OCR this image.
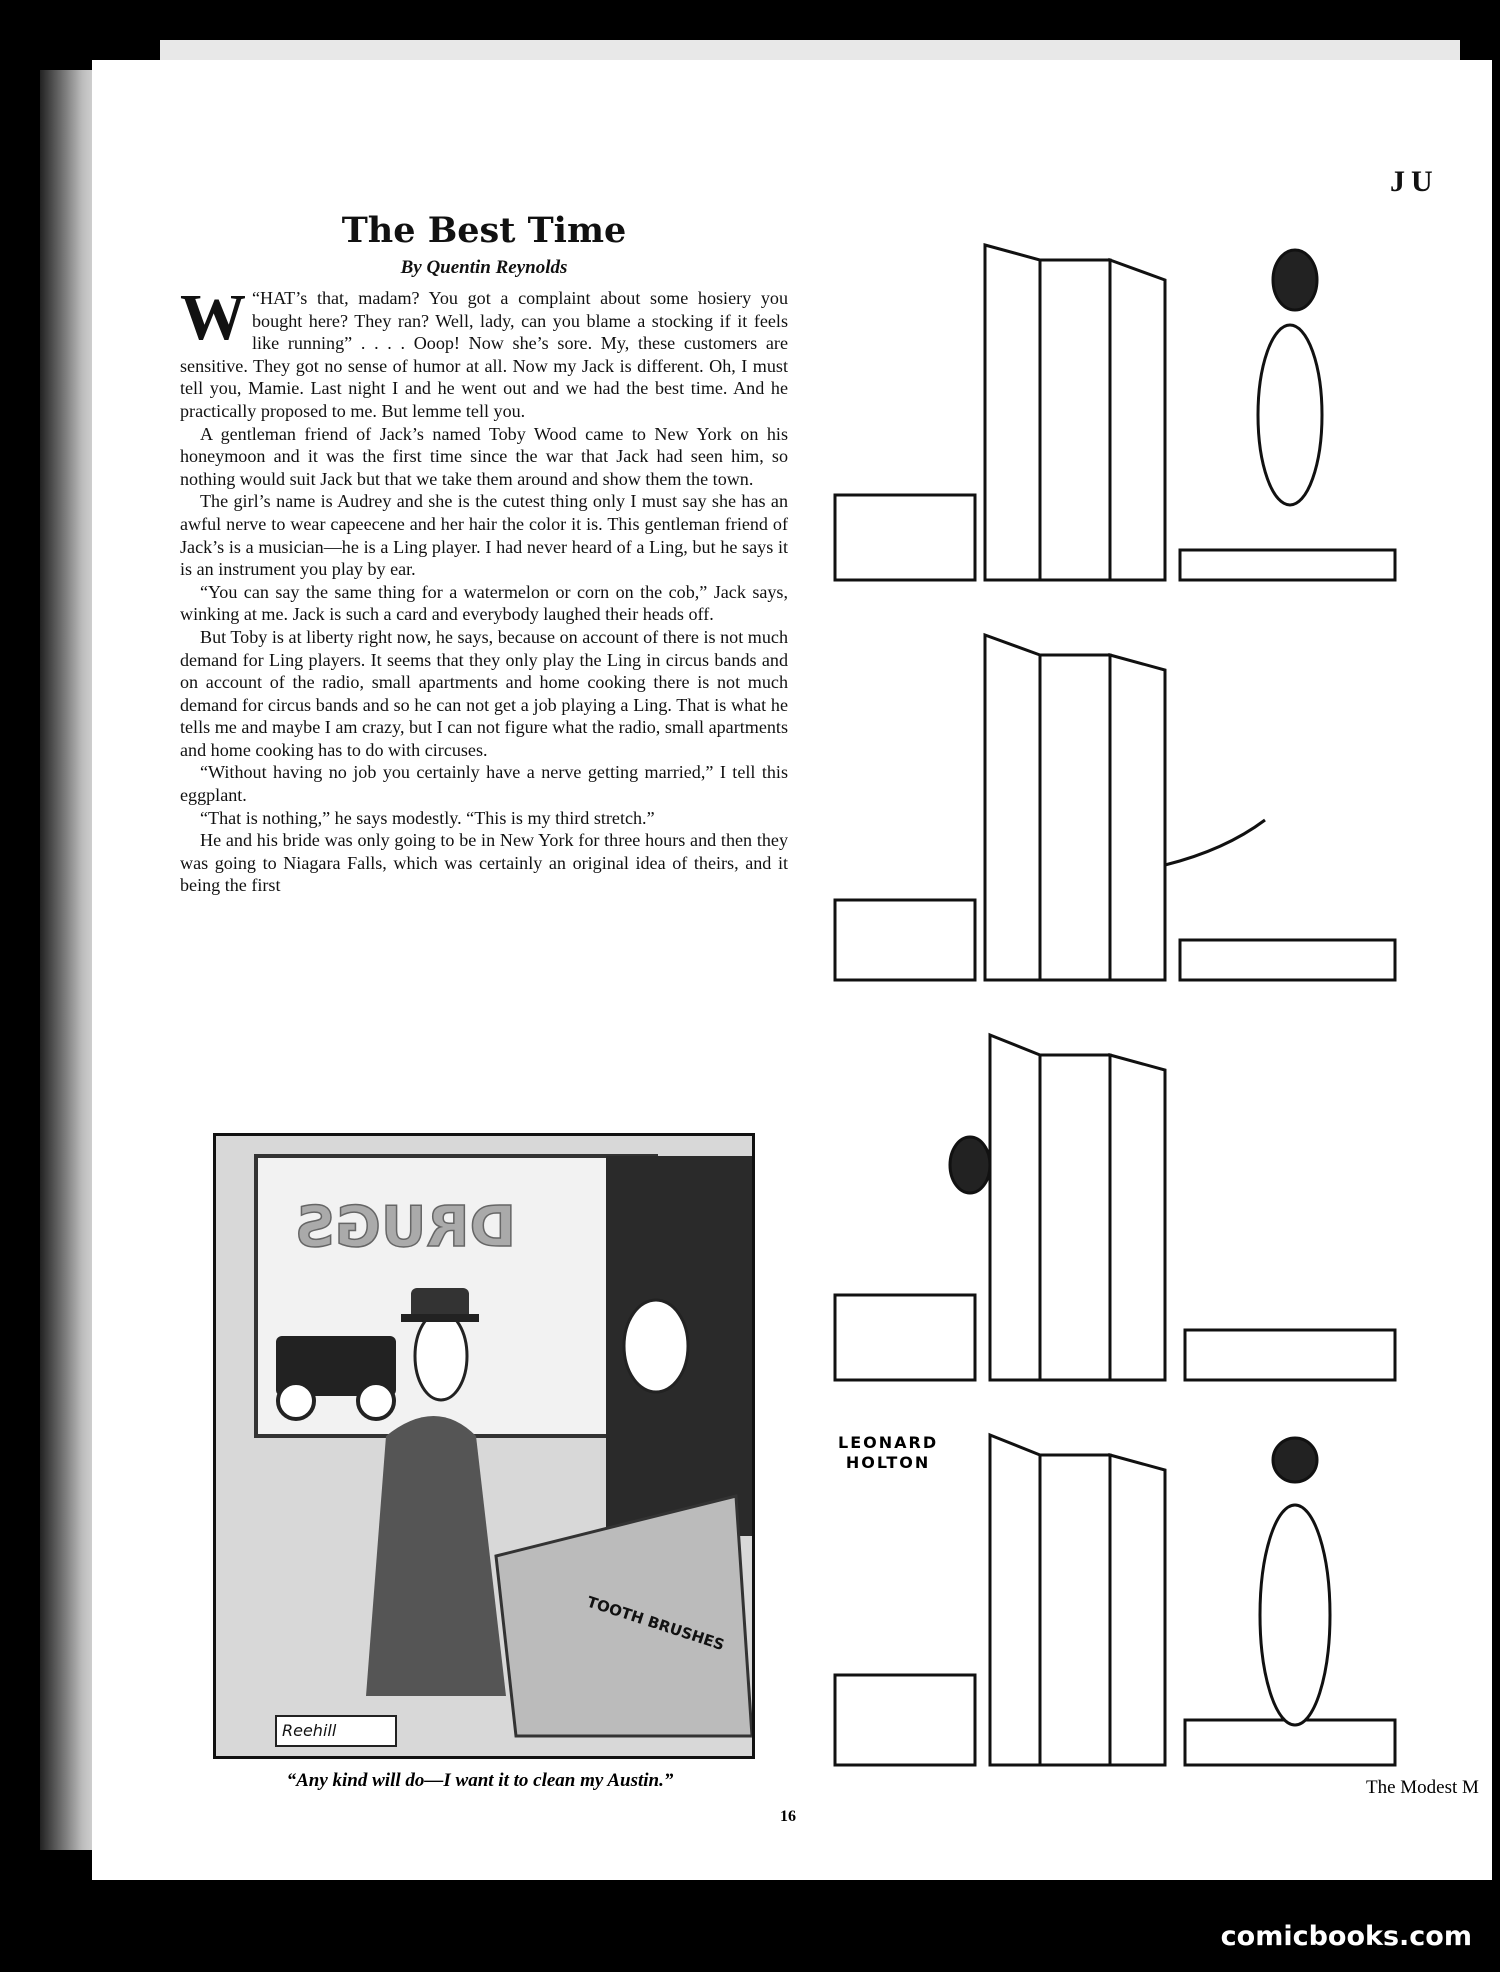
JU
The Best Time
By Quentin Reynolds

W “HAT’s that, madam? You got a complaint about some hosiery you bought here? They ran? Well, lady, can you blame a stocking if it feels like running” . . . . Ooop! Now she’s sore. My, these customers are sensitive. They got no sense of humor at all. Now my Jack is different. Oh, I must tell you, Mamie. Last night I and he went out and we had the best time. And he practically proposed to me. But lemme tell you.

A gentleman friend of Jack’s named Toby Wood came to New York on his honeymoon and it was the first time since the war that Jack had seen him, so nothing would suit Jack but that we take them around and show them the town.

The girl’s name is Audrey and she is the cutest thing only I must say she has an awful nerve to wear capeecene and her hair the color it is. This gentleman friend of Jack’s is a musician—he is a Ling player. I had never heard of a Ling, but he says it is an instrument you play by ear.

“You can say the same thing for a watermelon or corn on the cob,” Jack says, winking at me. Jack is such a card and everybody laughed their heads off.

But Toby is at liberty right now, he says, because on account of there is not much demand for Ling players. It seems that they only play the Ling in circus bands and on account of the radio, small apartments and home cooking there is not much demand for circus bands and so he can not get a job playing a Ling. That is what he tells me and maybe I am crazy, but I can not figure what the radio, small apartments and home cooking has to do with circuses.

“Without having no job you certainly have a nerve getting married,” I tell this eggplant.

“That is nothing,” he says modestly. “This is my third stretch.”

He and his bride was only going to be in New York for three hours and then they was going to Niagara Falls, which was certainly an original idea of theirs, and it being the first

DRUGS
TOOTH BRUSHES
Reehill
“Any kind will do—I want it to clean my Austin.”
16
LEONARD
HOLTON
The Modest M
comicbooks.com
